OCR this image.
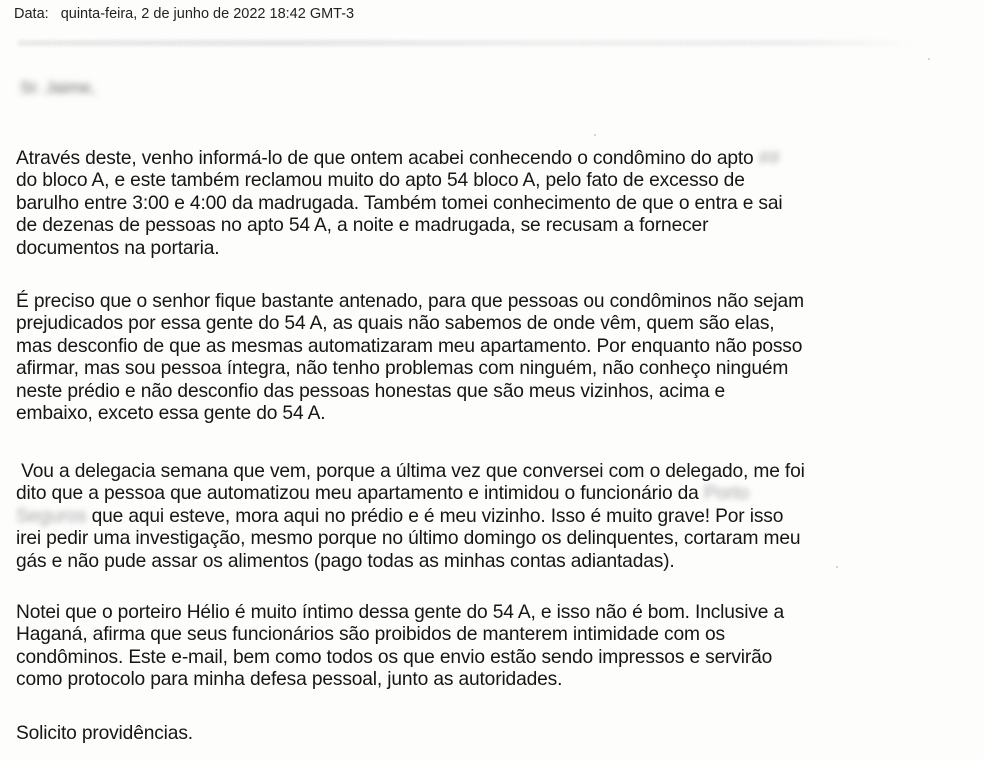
Data: quinta-feira, 2 de junho de 2022 18:42 GMT-3
Sr. Jaime,

Através deste, venho informá-lo de que ontem acabei conhecendo o condômino do apto ##
do bloco A, e este também reclamou muito do apto 54 bloco A, pelo fato de excesso de
barulho entre 3:00 e 4:00 da madrugada. Também tomei conhecimento de que o entra e sai
de dezenas de pessoas no apto 54 A, a noite e madrugada, se recusam a fornecer
documentos na portaria.

É preciso que o senhor fique bastante antenado, para que pessoas ou condôminos não sejam
prejudicados por essa gente do 54 A, as quais não sabemos de onde vêm, quem são elas,
mas desconfio de que as mesmas automatizaram meu apartamento. Por enquanto não posso
afirmar, mas sou pessoa íntegra, não tenho problemas com ninguém, não conheço ninguém
neste prédio e não desconfio das pessoas honestas que são meus vizinhos, acima e
embaixo, exceto essa gente do 54 A.

Vou a delegacia semana que vem, porque a última vez que conversei com o delegado, me foi
dito que a pessoa que automatizou meu apartamento e intimidou o funcionário da Porto
Seguros que aqui esteve, mora aqui no prédio e é meu vizinho. Isso é muito grave! Por isso
irei pedir uma investigação, mesmo porque no último domingo os delinquentes, cortaram meu
gás e não pude assar os alimentos (pago todas as minhas contas adiantadas).

Notei que o porteiro Hélio é muito íntimo dessa gente do 54 A, e isso não é bom. Inclusive a
Haganá, afirma que seus funcionários são proibidos de manterem intimidade com os
condôminos. Este e-mail, bem como todos os que envio estão sendo impressos e servirão
como protocolo para minha defesa pessoal, junto as autoridades.

Solicito providências.
